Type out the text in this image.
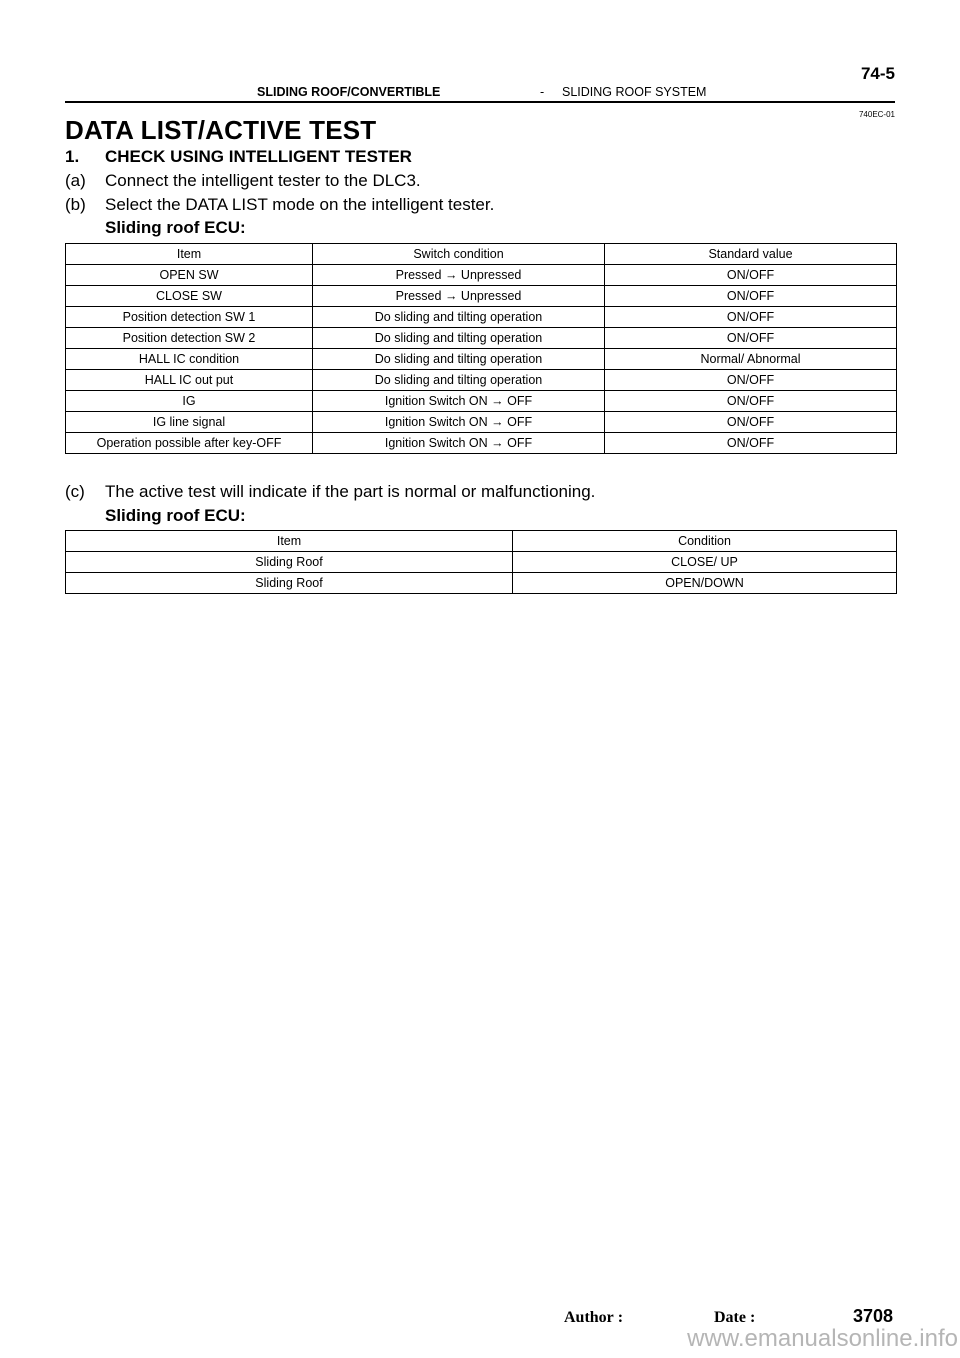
SLIDING ROOF/CONVERTIBLE	- SLIDING ROOF SYSTEM
74-5
740EC-01
DATA LIST/ACTIVE TEST
1. CHECK USING INTELLIGENT TESTER
(a) Connect the intelligent tester to the DLC3.
(b) Select the DATA LIST mode on the intelligent tester.
Sliding roof ECU:
Item	Switch condition	Standard value
OPEN SW	Pressed → Unpressed	ON/OFF
CLOSE SW	Pressed → Unpressed	ON/OFF
Position detection SW 1	Do sliding and tilting operation	ON/OFF
Position detection SW 2	Do sliding and tilting operation	ON/OFF
HALL IC condition	Do sliding and tilting operation	Normal/ Abnormal
HALL IC out put	Do sliding and tilting operation	ON/OFF
IG	Ignition Switch ON → OFF	ON/OFF
IG line signal	Ignition Switch ON → OFF	ON/OFF
Operation possible after key-OFF	Ignition Switch ON → OFF	ON/OFF
(c) The active test will indicate if the part is normal or malfunctioning.
Sliding roof ECU:
Item	Condition
Sliding Roof	CLOSE/ UP
Sliding Roof	OPEN/DOWN
Author :	Date :	3708
www.emanualsonline.info
